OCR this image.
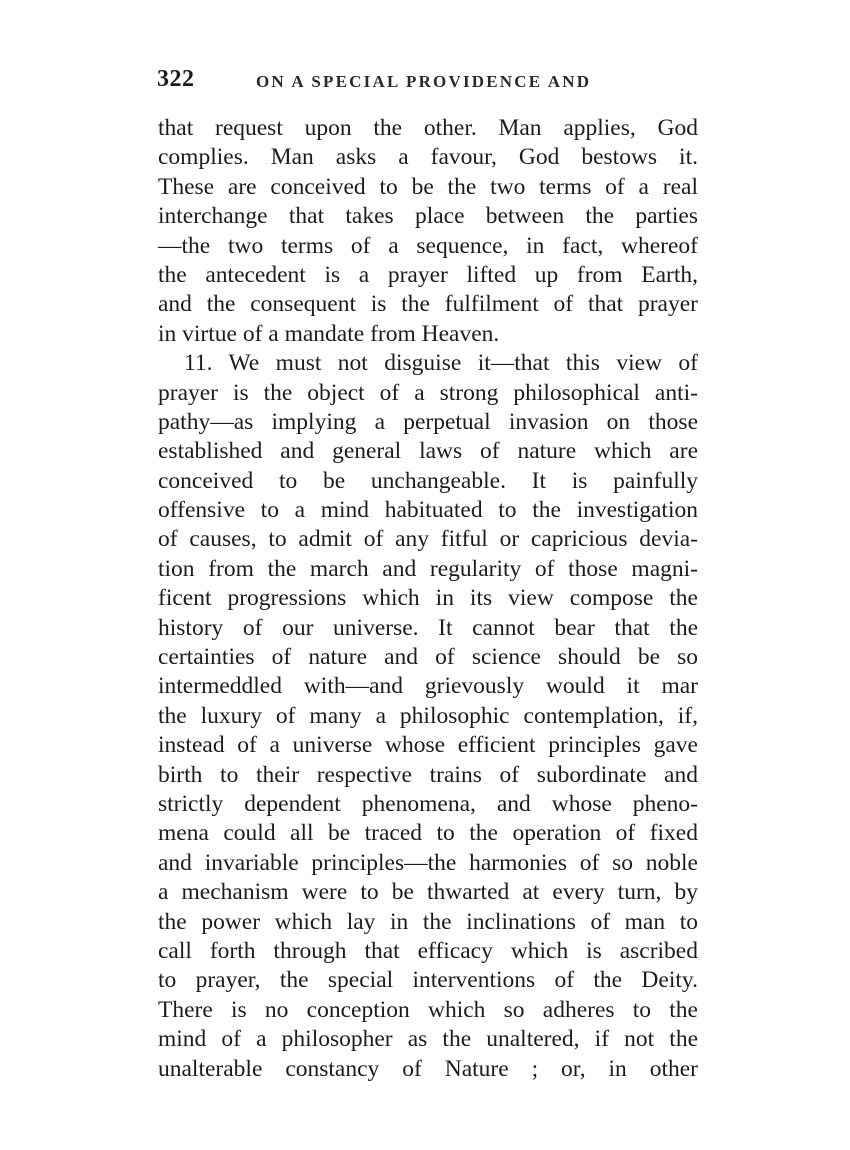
322	ON A SPECIAL PROVIDENCE AND
that request upon the other. Man applies, God
complies. Man asks a favour, God bestows it.
These are conceived to be the two terms of a real
interchange that takes place between the parties
—the two terms of a sequence, in fact, whereof
the antecedent is a prayer lifted up from Earth,
and the consequent is the fulfilment of that prayer
in virtue of a mandate from Heaven.
11. We must not disguise it—that this view of
prayer is the object of a strong philosophical anti-
pathy—as implying a perpetual invasion on those
established and general laws of nature which are
conceived to be unchangeable. It is painfully
offensive to a mind habituated to the investigation
of causes, to admit of any fitful or capricious devia-
tion from the march and regularity of those magni-
ficent progressions which in its view compose the
history of our universe. It cannot bear that the
certainties of nature and of science should be so
intermeddled with—and grievously would it mar
the luxury of many a philosophic contemplation, if,
instead of a universe whose efficient principles gave
birth to their respective trains of subordinate and
strictly dependent phenomena, and whose pheno-
mena could all be traced to the operation of fixed
and invariable principles—the harmonies of so noble
a mechanism were to be thwarted at every turn, by
the power which lay in the inclinations of man to
call forth through that efficacy which is ascribed
to prayer, the special interventions of the Deity.
There is no conception which so adheres to the
mind of a philosopher as the unaltered, if not the
unalterable constancy of Nature ; or, in other
